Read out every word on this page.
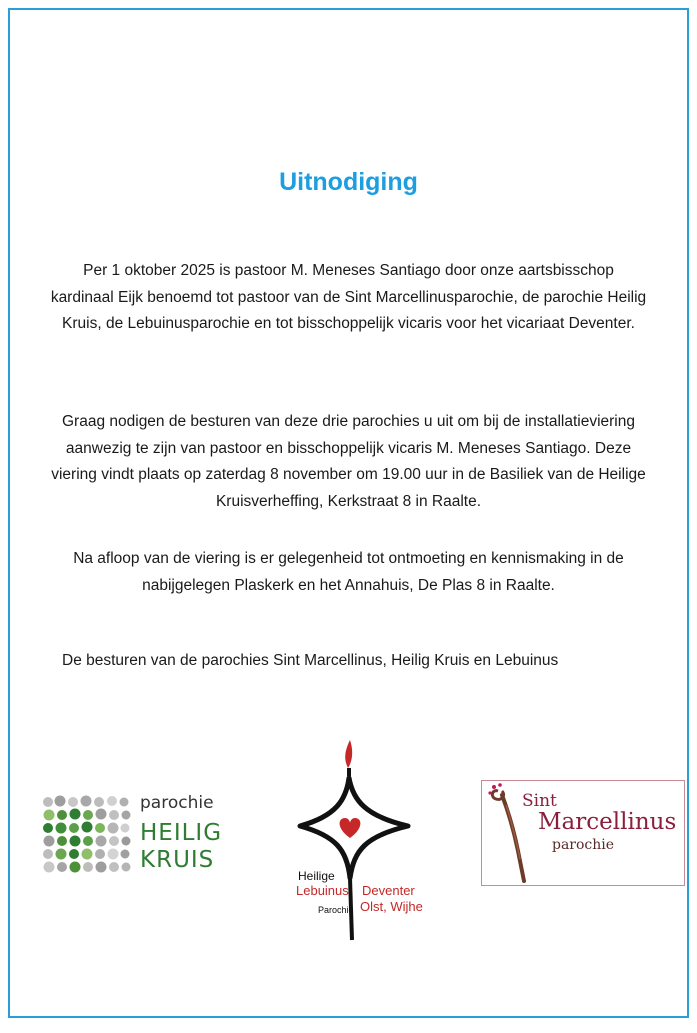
Uitnodiging

Per 1 oktober 2025 is pastoor M. Meneses Santiago door onze aartsbisschop kardinaal Eijk benoemd tot pastoor van de Sint Marcellinusparochie, de parochie Heilig Kruis, de Lebuinusparochie en tot bisschoppelijk vicaris voor het vicariaat Deventer.

Graag nodigen de besturen van deze drie parochies u uit om bij de installatieviering aanwezig te zijn van pastoor en bisschoppelijk vicaris M. Meneses Santiago. Deze viering vindt plaats op zaterdag 8 november om 19.00 uur in de Basiliek van de Heilige Kruisverheffing, Kerkstraat 8 in Raalte.

Na afloop van de viering is er gelegenheid tot ontmoeting en kennismaking in de nabijgelegen Plaskerk en het Annahuis, De Plas 8 in Raalte.

De besturen van de parochies Sint Marcellinus, Heilig Kruis en Lebuinus
parochie
HEILIG
KRUIS
Heilige
Lebuinus
Parochie
Deventer
Olst, Wijhe
Sint
Marcellinus
parochie
